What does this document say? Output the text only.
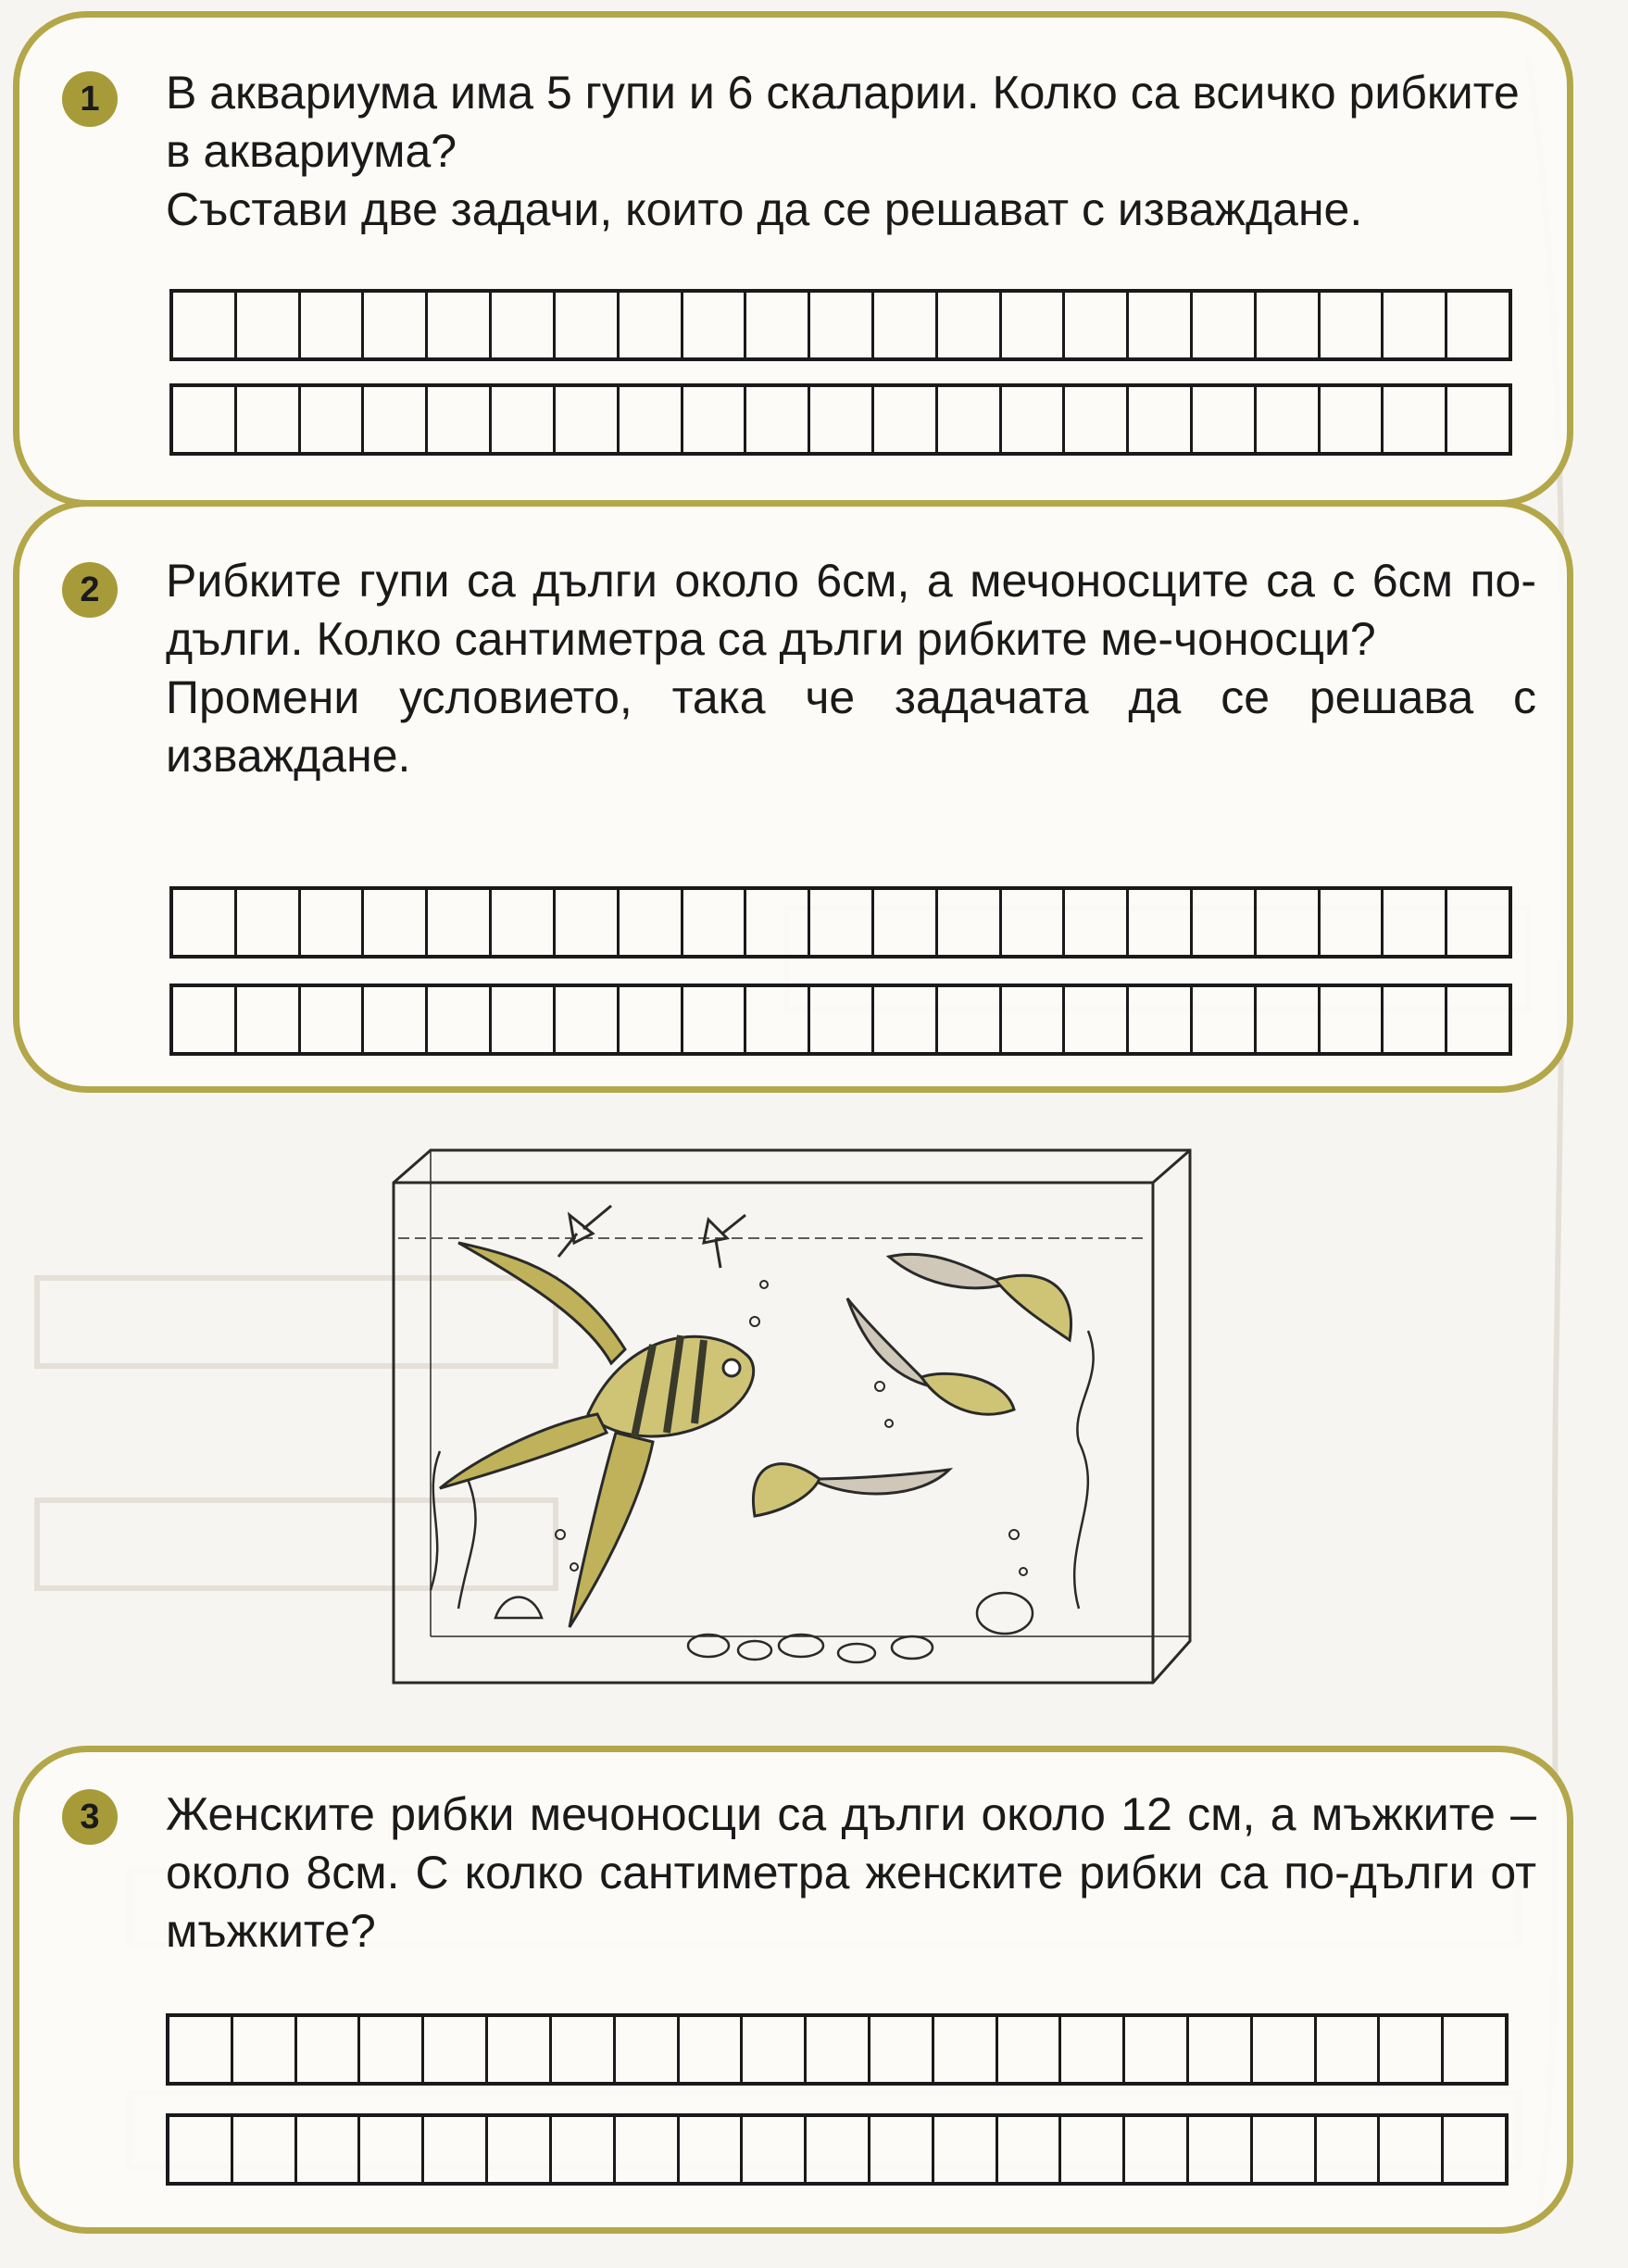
1	В аквариума има 5 гупи и 6 скаларии. Колко са всичко рибките в аквариума?

Състави две задачи, които да се решават с изваждане.

2	Рибките гупи са дълги около 6см, а мечоносците са с 6см по-дълги. Колко сантиметра са дълги рибките ме-чоносци?

Промени условието, така че задачата да се решава с изваждане.

3	Женските рибки мечоносци са дълги около 12 см, а мъжките – около 8см. С колко сантиметра женските рибки са по-дълги от мъжките?
